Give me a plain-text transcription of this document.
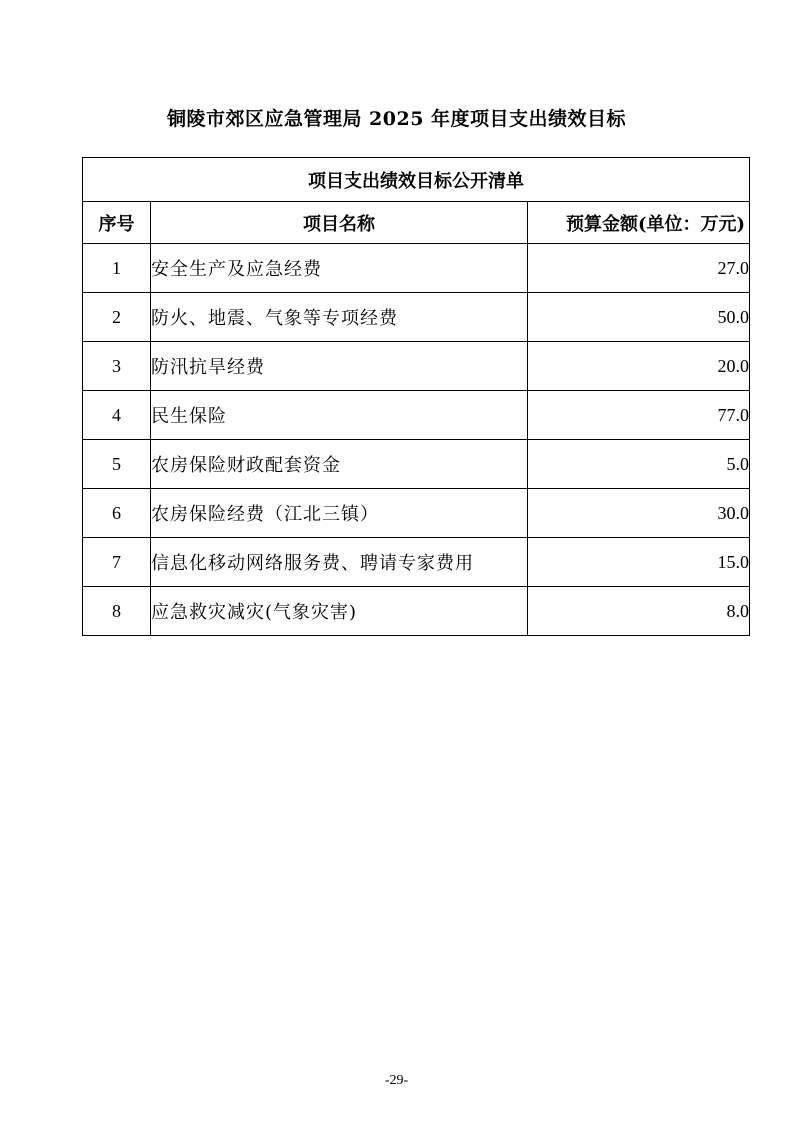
铜陵市郊区应急管理局 2025 年度项目支出绩效目标
项目支出绩效目标公开清单		
序号	项目名称	预算金额(单位：万元)
1	安全生产及应急经费	27.0
2	防火、地震、气象等专项经费	50.0
3	防汛抗旱经费	20.0
4	民生保险	77.0
5	农房保险财政配套资金	5.0
6	农房保险经费（江北三镇）	30.0
7	信息化移动网络服务费、聘请专家费用	15.0
8	应急救灾减灾(气象灾害)	8.0
-29-
